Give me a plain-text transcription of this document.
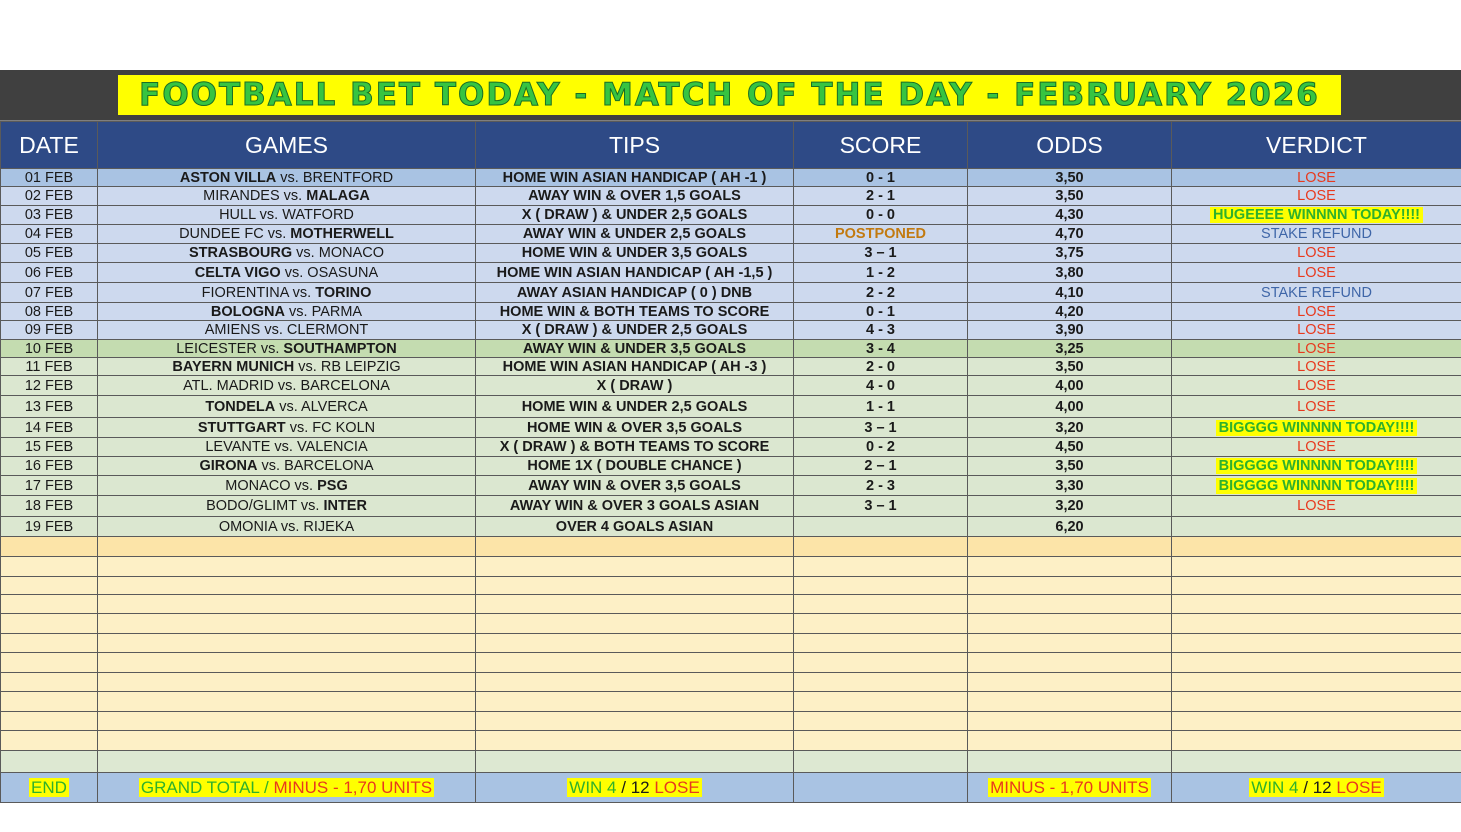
FOOTBALL BET TODAY - MATCH OF THE DAY - FEBRUARY 2026
DATE	GAMES	TIPS	SCORE	ODDS	VERDICT
01 FEB	ASTON VILLA vs. BRENTFORD	HOME WIN ASIAN HANDICAP ( AH -1 )	0 - 1	3,50	LOSE
02 FEB	MIRANDES vs. MALAGA	AWAY WIN & OVER 1,5 GOALS	2 - 1	3,50	LOSE
03 FEB	HULL vs. WATFORD	X ( DRAW ) & UNDER 2,5 GOALS	0 - 0	4,30	HUGEEEE WINNNN TODAY!!!!
04 FEB	DUNDEE FC vs. MOTHERWELL	AWAY WIN & UNDER 2,5 GOALS	POSTPONED	4,70	STAKE REFUND
05 FEB	STRASBOURG vs. MONACO	HOME WIN & UNDER 3,5 GOALS	3 – 1	3,75	LOSE
06 FEB	CELTA VIGO vs. OSASUNA	HOME WIN ASIAN HANDICAP ( AH -1,5 )	1 - 2	3,80	LOSE
07 FEB	FIORENTINA vs. TORINO	AWAY ASIAN HANDICAP ( 0 ) DNB	2 - 2	4,10	STAKE REFUND
08 FEB	BOLOGNA vs. PARMA	HOME WIN & BOTH TEAMS TO SCORE	0 - 1	4,20	LOSE
09 FEB	AMIENS vs. CLERMONT	X ( DRAW ) & UNDER 2,5 GOALS	4 - 3	3,90	LOSE
10 FEB	LEICESTER vs. SOUTHAMPTON	AWAY WIN & UNDER 3,5 GOALS	3 - 4	3,25	LOSE
11 FEB	BAYERN MUNICH vs. RB LEIPZIG	HOME WIN ASIAN HANDICAP ( AH -3 )	2 - 0	3,50	LOSE
12 FEB	ATL. MADRID vs. BARCELONA	X ( DRAW )	4 - 0	4,00	LOSE
13 FEB	TONDELA vs. ALVERCA	HOME WIN & UNDER 2,5 GOALS	1 - 1	4,00	LOSE
14 FEB	STUTTGART vs. FC KOLN	HOME WIN & OVER 3,5 GOALS	3 – 1	3,20	BIGGGG WINNNN TODAY!!!!
15 FEB	LEVANTE vs. VALENCIA	X ( DRAW ) & BOTH TEAMS TO SCORE	0 - 2	4,50	LOSE
16 FEB	GIRONA vs. BARCELONA	HOME 1X ( DOUBLE CHANCE )	2 – 1	3,50	BIGGGG WINNNN TODAY!!!!
17 FEB	MONACO vs. PSG	AWAY WIN & OVER 3,5 GOALS	2 - 3	3,30	BIGGGG WINNNN TODAY!!!!
18 FEB	BODO/GLIMT vs. INTER	AWAY WIN & OVER 3 GOALS ASIAN	3 – 1	3,20	LOSE
19 FEB	OMONIA vs. RIJEKA	OVER 4 GOALS ASIAN		6,20	

END	GRAND TOTAL / MINUS - 1,70 UNITS	WIN 4 / 12 LOSE		MINUS - 1,70 UNITS	WIN 4 / 12 LOSE
